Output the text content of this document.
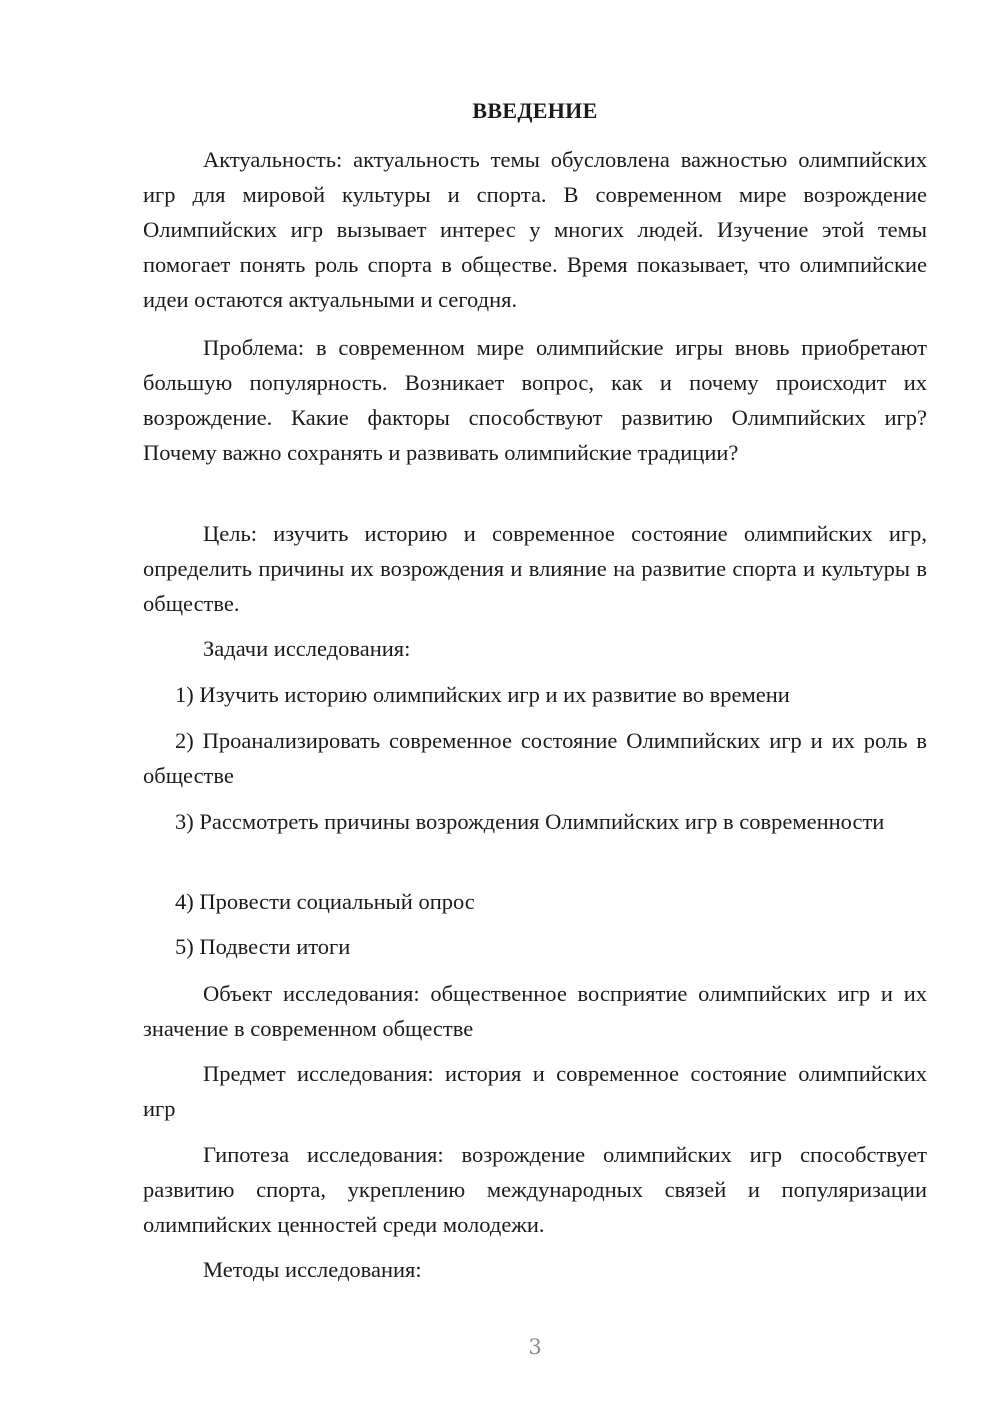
ВВЕДЕНИЕ

Актуальность: актуальность темы обусловлена важностью олимпийских игр для мировой культуры и спорта. В современном мире возрождение Олимпийских игр вызывает интерес у многих людей. Изучение этой темы помогает понять роль спорта в обществе. Время показывает, что олимпийские идеи остаются актуальными и сегодня.

Проблема: в современном мире олимпийские игры вновь приобретают большую популярность. Возникает вопрос, как и почему происходит их возрождение. Какие факторы способствуют развитию Олимпийских игр? Почему важно сохранять и развивать олимпийские традиции?

Цель: изучить историю и современное состояние олимпийских игр, определить причины их возрождения и влияние на развитие спорта и культуры в обществе.

Задачи исследования:

1) Изучить историю олимпийских игр и их развитие во времени

2) Проанализировать современное состояние Олимпийских игр и их роль в обществе

3) Рассмотреть причины возрождения Олимпийских игр в современности

4) Провести социальный опрос

5) Подвести итоги

Объект исследования: общественное восприятие олимпийских игр и их значение в современном обществе

Предмет исследования: история и современное состояние олимпийских игр

Гипотеза исследования: возрождение олимпийских игр способствует развитию спорта, укреплению международных связей и популяризации олимпийских ценностей среди молодежи.

Методы исследования:

3
